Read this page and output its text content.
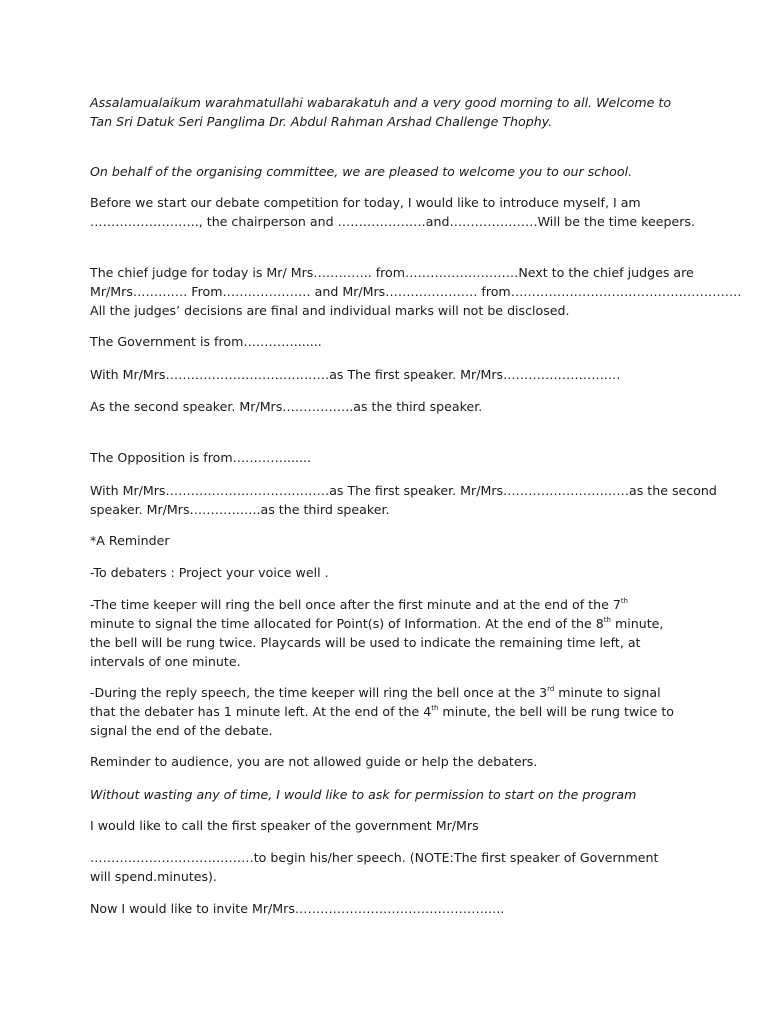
Assalamualaikum warahmatullahi wabarakatuh and a very good morning to all. Welcome to
Tan Sri Datuk Seri Panglima Dr. Abdul Rahman Arshad Challenge Thophy.

On behalf of the organising committee, we are pleased to welcome you to our school.

Before we start our debate competition for today, I would like to introduce myself, I am
…………………….., the chairperson and …………………and…………………Will be the time keepers.

The chief judge for today is Mr/ Mrs………….. from………………………Next to the chief judges are
Mr/Mrs…………. From………………… and Mr/Mrs…………………. from……………………………………………….
All the judges’ decisions are final and individual marks will not be disclosed.

The Government is from………….......

With Mr/Mrs…………………………………as The first speaker. Mr/Mrs……………………….

As the second speaker. Mr/Mrs……………..as the third speaker.

The Opposition is from………….......

With Mr/Mrs…………………………………as The first speaker. Mr/Mrs…………………………as the second
speaker. Mr/Mrs……………..as the third speaker.

*A Reminder

-To debaters : Project your voice well .

-The time keeper will ring the bell once after the first minute and at the end of the 7th
minute to signal the time allocated for Point(s) of Information. At the end of the 8th minute,
the bell will be rung twice. Playcards will be used to indicate the remaining time left, at
intervals of one minute.

-During the reply speech, the time keeper will ring the bell once at the 3rd minute to signal
that the debater has 1 minute left. At the end of the 4th minute, the bell will be rung twice to
signal the end of the debate.

Reminder to audience, you are not allowed guide or help the debaters.

Without wasting any of time, I would like to ask for permission to start on the program

I would like to call the first speaker of the government Mr/Mrs

…………………………………to begin his/her speech. (NOTE:The first speaker of Government
will spend.minutes).

Now I would like to invite Mr/Mrs…………………………………………..
